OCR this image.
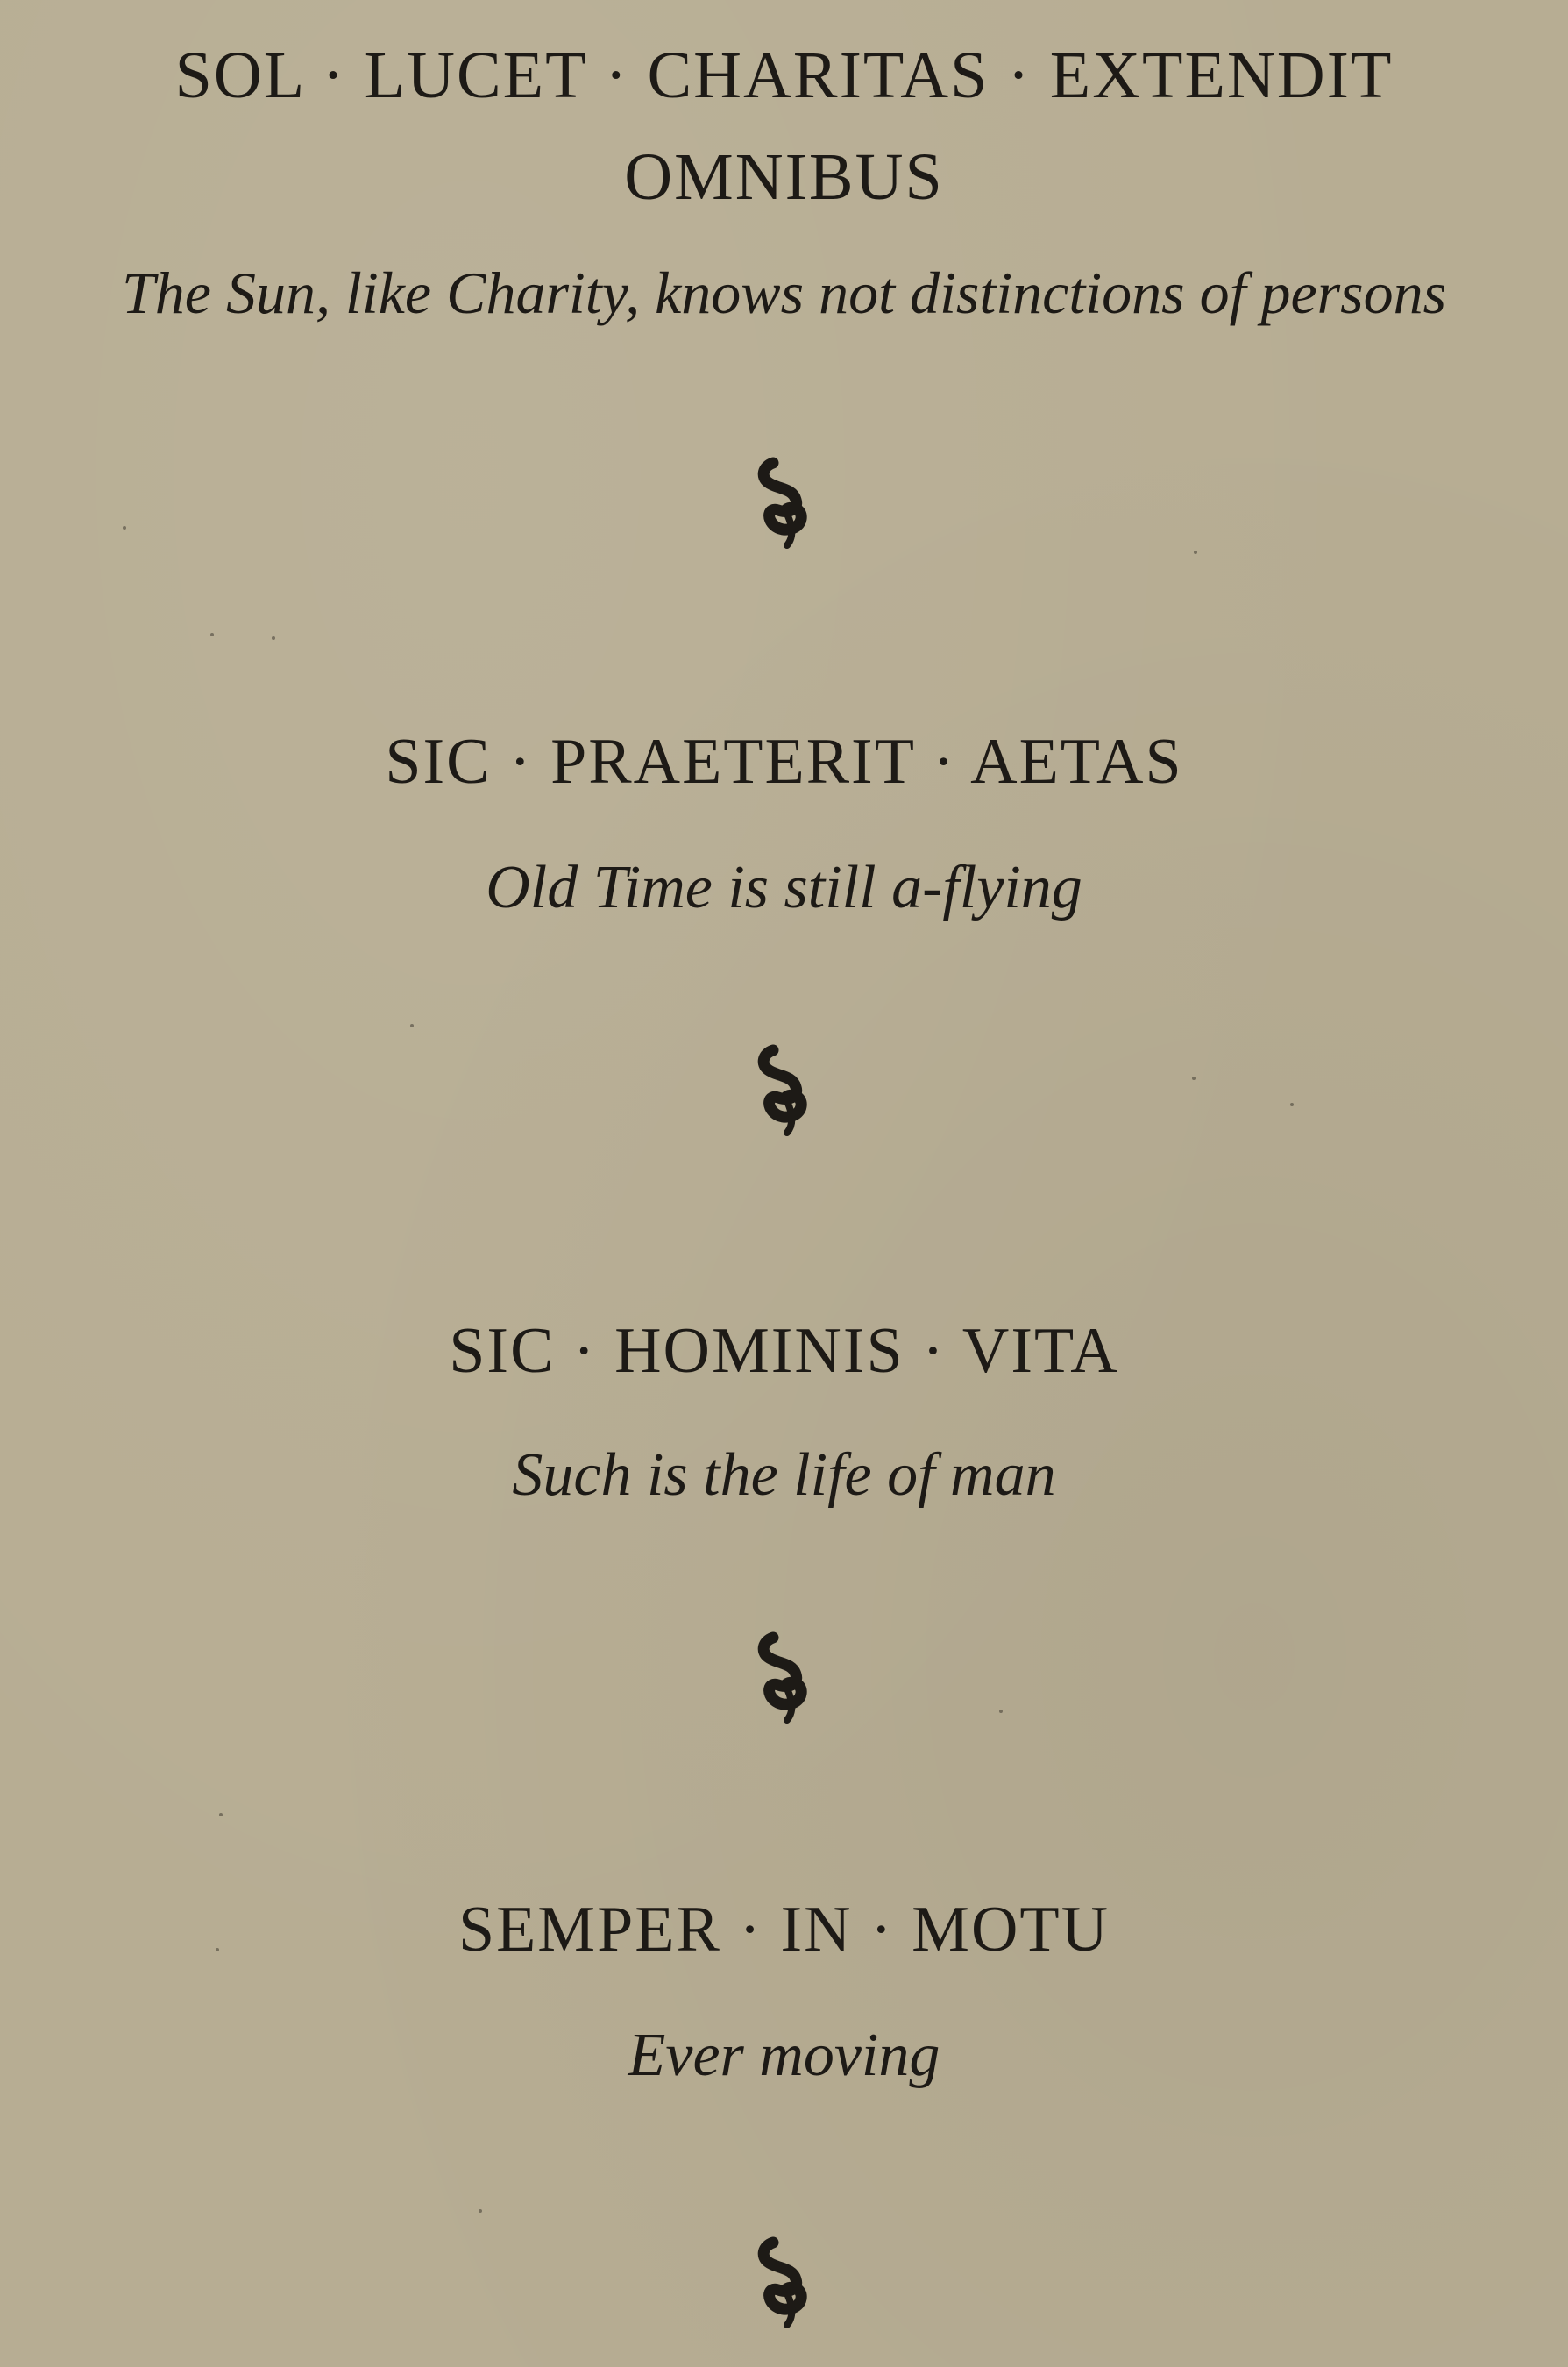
SOL · LUCET · CHARITAS · EXTENDIT
OMNIBUS
The Sun, like Charity, knows not distinctions of persons
SIC · PRAETERIT · AETAS
Old Time is still a-flying
SIC · HOMINIS · VITA
Such is the life of man
SEMPER · IN · MOTU
Ever moving
